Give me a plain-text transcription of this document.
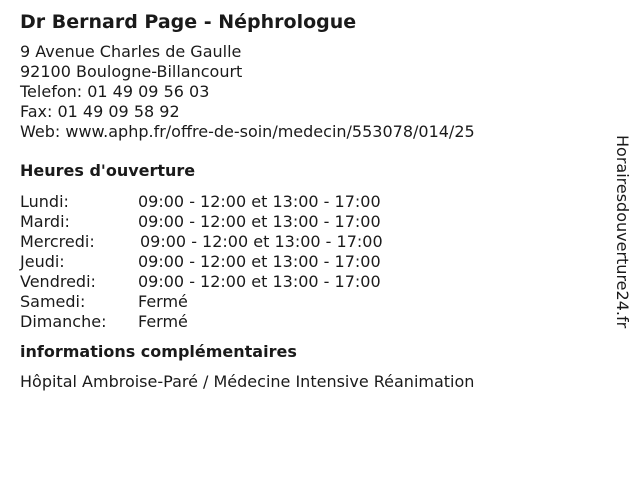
Dr Bernard Page - Néphrologue
9 Avenue Charles de Gaulle
92100 Boulogne-Billancourt
Telefon: 01 49 09 56 03
Fax: 01 49 09 58 92
Web: www.aphp.fr/offre-de-soin/medecin/553078/014/25
Heures d'ouverture
Lundi:	09:00 - 12:00 et 13:00 - 17:00
Mardi:	09:00 - 12:00 et 13:00 - 17:00
Mercredi:	09:00 - 12:00 et 13:00 - 17:00
Jeudi:	09:00 - 12:00 et 13:00 - 17:00
Vendredi:	09:00 - 12:00 et 13:00 - 17:00
Samedi:	Fermé
Dimanche:	Fermé
informations complémentaires
Hôpital Ambroise-Paré / Médecine Intensive Réanimation
Horairesdouverture24.fr
